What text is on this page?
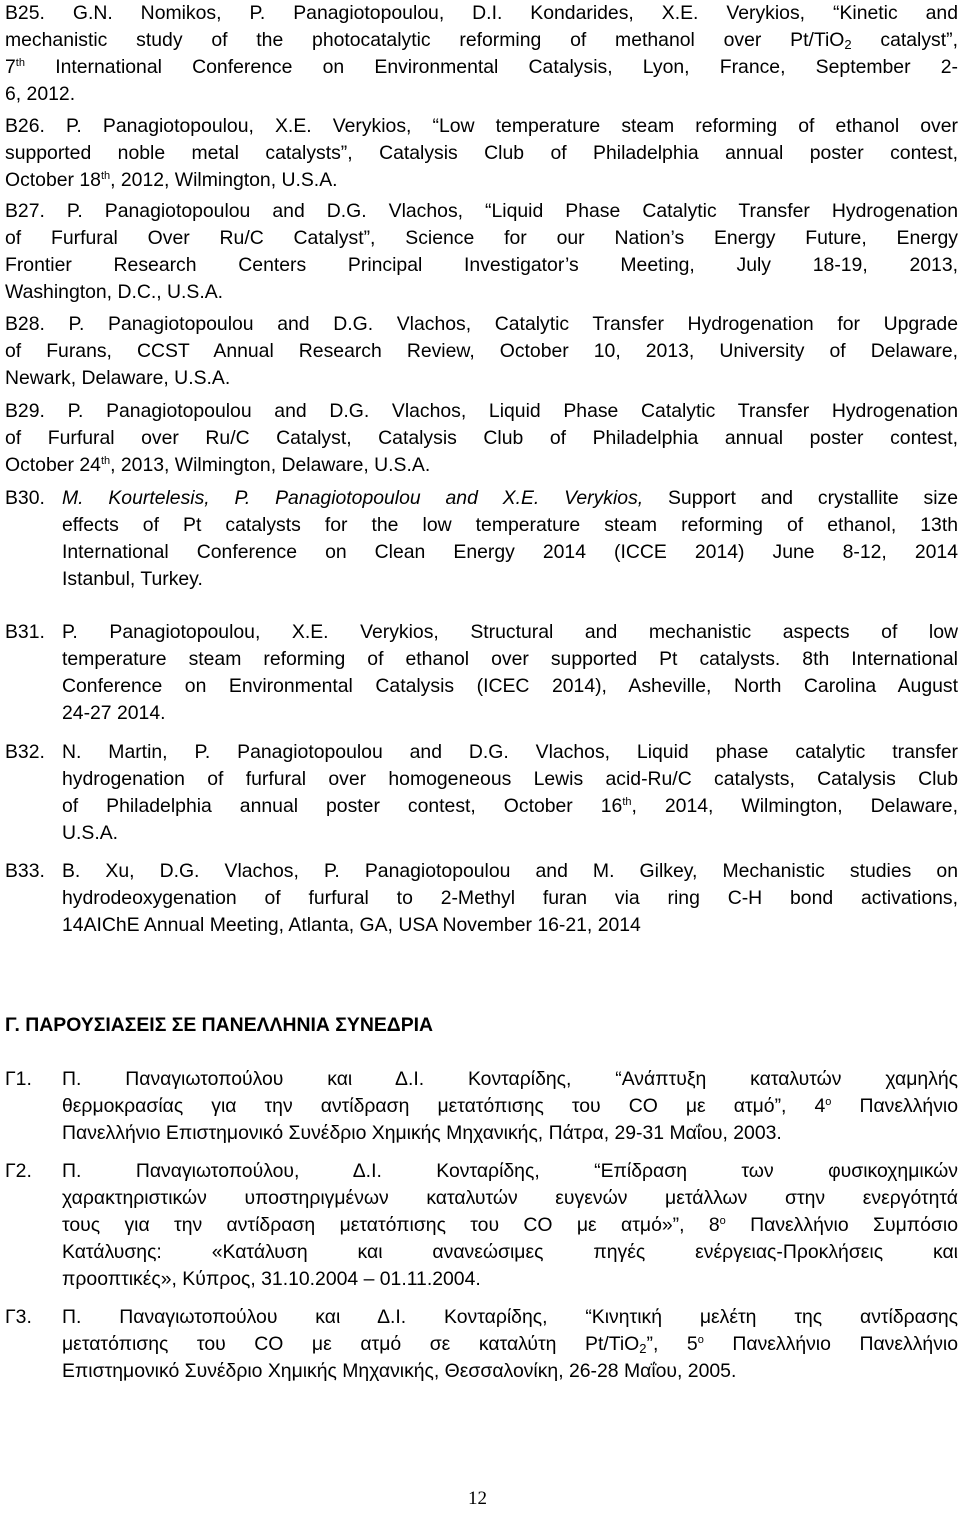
B25. G.N. Nomikos, P. Panagiotopoulou, D.I. Kondarides, X.E. Verykios, “Kinetic and

mechanistic study of the photocatalytic reforming of methanol over Pt/TiO$_2$ catalyst”,

7th International Conference on Environmental Catalysis, Lyon, France, September 2-

6, 2012.

B26. P. Panagiotopoulou, X.E. Verykios, “Low temperature steam reforming of ethanol over

supported noble metal catalysts”, Catalysis Club of Philadelphia annual poster contest,

October 18th, 2012, Wilmington, U.S.A.

B27. P. Panagiotopoulou and D.G. Vlachos, “Liquid Phase Catalytic Transfer Hydrogenation

of Furfural Over Ru/C Catalyst”, Science for our Nation’s Energy Future, Energy

Frontier Research Centers Principal Investigator’s Meeting, July 18-19, 2013,

Washington, D.C., U.S.A.

B28. P. Panagiotopoulou and D.G. Vlachos, Catalytic Transfer Hydrogenation for Upgrade

of Furans, CCST Annual Research Review, October 10, 2013, University of Delaware,

Newark, Delaware, U.S.A.

B29. P. Panagiotopoulou and D.G. Vlachos, Liquid Phase Catalytic Transfer Hydrogenation

of Furfural over Ru/C Catalyst, Catalysis Club of Philadelphia annual poster contest,

October 24th, 2013, Wilmington, Delaware, U.S.A.

B30. M. Kourtelesis, P. Panagiotopoulou and X.E. Verykios, Support and crystallite size

effects of Pt catalysts for the low temperature steam reforming of ethanol, 13th

International Conference on Clean Energy 2014 (ICCE 2014) June 8-12, 2014

Istanbul, Turkey.

B31. P. Panagiotopoulou, X.E. Verykios, Structural and mechanistic aspects of low

temperature steam reforming of ethanol over supported Pt catalysts. 8th International

Conference on Environmental Catalysis (ICEC 2014), Asheville, North Carolina August

24-27 2014.

B32. N. Martin, P. Panagiotopoulou and D.G. Vlachos, Liquid phase catalytic transfer

hydrogenation of furfural over homogeneous Lewis acid-Ru/C catalysts, Catalysis Club

of Philadelphia annual poster contest, October 16th, 2014, Wilmington, Delaware,

U.S.A.

B33. B. Xu, D.G. Vlachos, P. Panagiotopoulou and M. Gilkey, Mechanistic studies on

hydrodeoxygenation of furfural to 2-Methyl furan via ring C-H bond activations,

14AIChE Annual Meeting, Atlanta, GA, USA November 16-21, 2014

Γ. ΠΑΡΟΥΣΙΑΣΕΙΣ ΣΕ ΠΑΝΕΛΛΗΝΙΑ ΣΥΝΕΔΡΙΑ
Γ1.	Π. Παναγιωτοπούλου και Δ.Ι. Κονταρίδης, “Ανάπτυξη καταλυτών χαμηλής

θερμοκρασίας για την αντίδραση μετατόπισης του CO με ατμό”, 4$^o$ Πανελλήνιο

Πανελλήνιο Επιστημονικό Συνέδριο Χημικής Μηχανικής, Πάτρα, 29-31 Μαΐου, 2003.

Γ2.	Π. Παναγιωτοπούλου, Δ.Ι. Κονταρίδης, “Επίδραση των φυσικοχημικών

χαρακτηριστικών υποστηριγμένων καταλυτών ευγενών μετάλλων στην ενεργότητά

τους για την αντίδραση μετατόπισης του CO με ατμό»”, 8$^o$ Πανελλήνιο Συμπόσιο

Κατάλυσης: «Κατάλυση και ανανεώσιμες πηγές ενέργειας-Προκλήσεις και

προοπτικές», Κύπρος, 31.10.2004 – 01.11.2004.

Γ3.	Π. Παναγιωτοπούλου και Δ.Ι. Κονταρίδης, “Κινητική μελέτη της αντίδρασης

μετατόπισης του CO με ατμό σε καταλύτη Pt/TiO$_2$”, 5$^o$ Πανελλήνιο Πανελλήνιο

Επιστημονικό Συνέδριο Χημικής Μηχανικής, Θεσσαλονίκη, 26-28 Μαΐου, 2005.

12
